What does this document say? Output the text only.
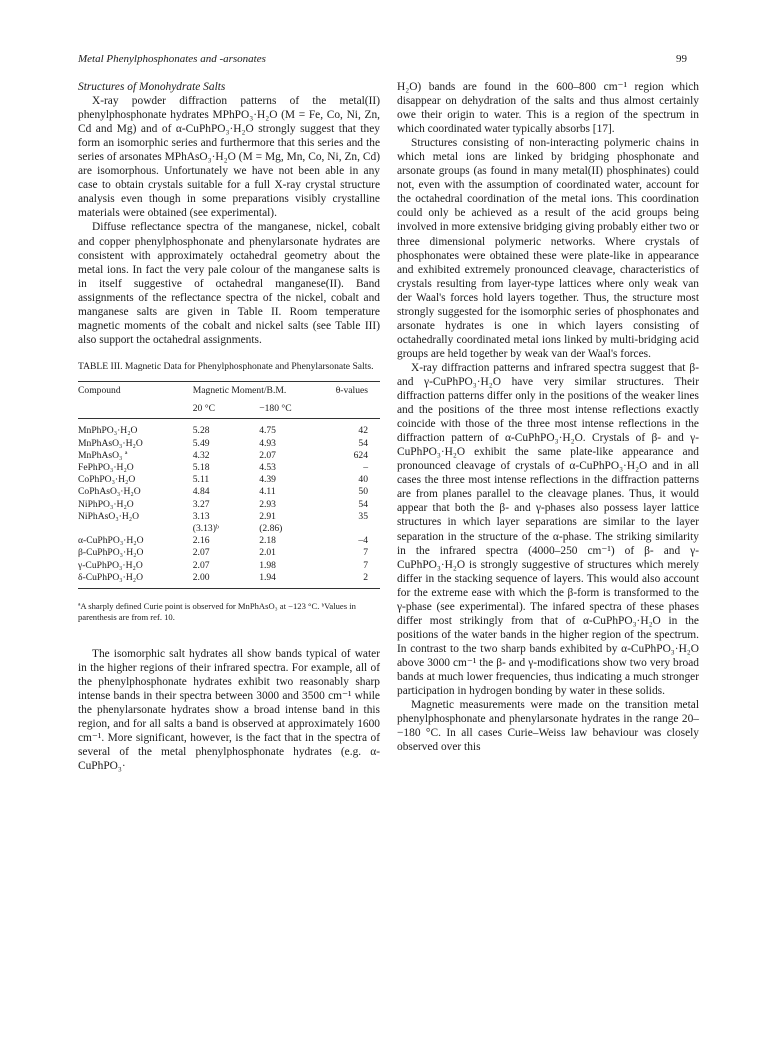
Metal Phenylphosphonates and -arsonates	99

Structures of Monohydrate Salts

X-ray powder diffraction patterns of the metal(II) phenylphosphonate hydrates MPhPO₃·H₂O (M = Fe, Co, Ni, Zn, Cd and Mg) and of α-CuPhPO₃·H₂O strongly suggest that they form an isomorphic series and furthermore that this series and the series of arsonates MPhAsO₃·H₂O (M = Mg, Mn, Co, Ni, Zn, Cd) are isomorphous. Unfortunately we have not been able in any case to obtain crystals suitable for a full X-ray crystal structure analysis even though in some preparations visibly crystalline materials were obtained (see experimental).

Diffuse reflectance spectra of the manganese, nickel, cobalt and copper phenylphosphonate and phenylarsonate hydrates are consistent with approximately octahedral geometry about the metal ions. In fact the very pale colour of the manganese salts is in itself suggestive of octahedral manganese(II). Band assignments of the reflectance spectra of the nickel, cobalt and manganese salts are given in Table II. Room temperature magnetic moments of the cobalt and nickel salts (see Table III) also support the octahedral assignments.

TABLE III. Magnetic Data for Phenylphosphonate and Phenylarsonate Salts.
Compound	Magnetic Moment/B.M.		θ-values
	20 °C	−180 °C	

MnPhPO₃·H₂O	5.28	4.75	42
MnPhAsO₃·H₂O	5.49	4.93	54
MnPhAsO₃ ª	4.32	2.07	624
FePhPO₃·H₂O	5.18	4.53	–
CoPhPO₃·H₂O	5.11	4.39	40
CoPhAsO₃·H₂O	4.84	4.11	50
NiPhPO₃·H₂O	3.27	2.93	54
NiPhAsO₃·H₂O	3.13	2.91	35
	(3.13)ᵇ	(2.86)	
α-CuPhPO₃·H₂O	2.16	2.18	–4
β-CuPhPO₃·H₂O	2.07	2.01	7
γ-CuPhPO₃·H₂O	2.07	1.98	7
δ-CuPhPO₃·H₂O	2.00	1.94	2
ªA sharply defined Curie point is observed for MnPhAsO₃ at −123 °C. ᵇValues in parenthesis are from ref. 10.

The isomorphic salt hydrates all show bands typical of water in the higher regions of their infrared spectra. For example, all of the phenylphosphonate hydrates exhibit two reasonably sharp intense bands in their spectra between 3000 and 3500 cm⁻¹ while the phenylarsonate hydrates show a broad intense band in this region, and for all salts a band is observed at approximately 1600 cm⁻¹. More significant, however, is the fact that in the spectra of several of the metal phenylphosphonate hydrates (e.g. α-CuPhPO₃·

H₂O) bands are found in the 600–800 cm⁻¹ region which disappear on dehydration of the salts and thus almost certainly owe their origin to water. This is a region of the spectrum in which coordinated water typically absorbs [17].

Structures consisting of non-interacting polymeric chains in which metal ions are linked by bridging phosphonate and arsonate groups (as found in many metal(II) phosphinates) could not, even with the assumption of coordinated water, account for the octahedral coordination of the metal ions. This coordination could only be achieved as a result of the acid groups being involved in more extensive bridging giving probably either two or three dimensional polymeric networks. Where crystals of phosphonates were obtained these were plate-like in appearance and exhibited extremely pronounced cleavage, characteristics of crystals resulting from layer-type lattices where only weak van der Waal's forces hold layers together. Thus, the structure most strongly suggested for the isomorphic series of phosphonates and arsonate hydrates is one in which layers consisting of octahedrally coordinated metal ions linked by multi-bridging acid groups are held together by weak van der Waal's forces.

X-ray diffraction patterns and infrared spectra suggest that β- and γ-CuPhPO₃·H₂O have very similar structures. Their diffraction patterns differ only in the positions of the weaker lines and the positions of the three most intense reflections exactly coincide with those of the three most intense reflections in the diffraction pattern of α-CuPhPO₃·H₂O. Crystals of β- and γ-CuPhPO₃·H₂O exhibit the same plate-like appearance and pronounced cleavage of crystals of α-CuPhPO₃·H₂O and in all cases the three most intense reflections in the diffraction patterns are from planes parallel to the cleavage planes. Thus, it would appear that both the β- and γ-phases also possess layer lattice structures in which layer separations are similar to the layer separation in the structure of the α-phase. The striking similarity in the infrared spectra (4000–250 cm⁻¹) of β- and γ-CuPhPO₃·H₂O is strongly suggestive of structures which merely differ in the stacking sequence of layers. This would also account for the extreme ease with which the β-form is transformed to the γ-phase (see experimental). The infared spectra of these phases differ most strikingly from that of α-CuPhPO₃·H₂O in the positions of the water bands in the higher region of the spectrum. In contrast to the two sharp bands exhibited by α-CuPhPO₃·H₂O above 3000 cm⁻¹ the β- and γ-modifications show two very broad bands at much lower frequencies, thus indicating a much stronger participation in hydrogen bonding by water in these solids.

Magnetic measurements were made on the transition metal phenylphosphonate and phenylarsonate hydrates in the range 20–−180 °C. In all cases Curie–Weiss law behaviour was closely observed over this
